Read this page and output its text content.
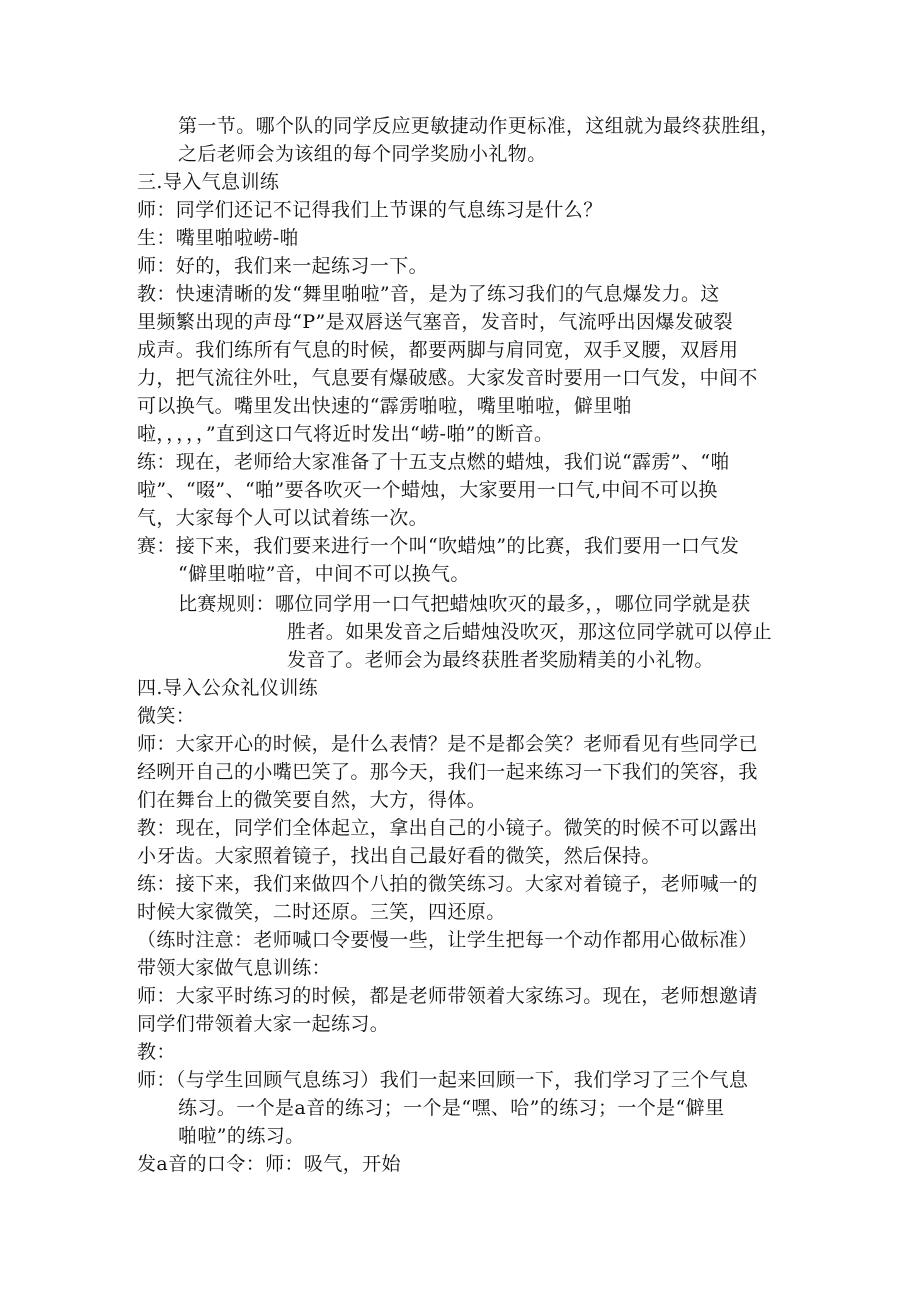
第一节。哪个队的同学反应更敏捷动作更标准，这组就为最终获胜组，
之后老师会为该组的每个同学奖励小礼物。
三.导入气息训练
师：同学们还记不记得我们上节课的气息练习是什么？
生：嘴里啪啦崂-啪
师：好的，我们来一起练习一下。
教：快速清晰的发“舞里啪啦”音，是为了练习我们的气息爆发力。这
里频繁出现的声母“P”是双唇送气塞音，发音时，气流呼出因爆发破裂
成声。我们练所有气息的时候，都要两脚与肩同宽，双手叉腰，双唇用
力，把气流往外吐，气息要有爆破感。大家发音时要用一口气发，中间不
可以换气。嘴里发出快速的“霹雳啪啦，嘴里啪啦，僻里啪
啦，，，，，”直到这口气将近时发出“崂-啪”的断音。
练：现在，老师给大家准备了十五支点燃的蜡烛，我们说“霹雳”、“啪
啦”、“啜”、“啪”要各吹灭一个蜡烛，大家要用一口气,中间不可以换
气，大家每个人可以试着练一次。
赛：接下来，我们要来进行一个叫“吹蜡烛”的比赛，我们要用一口气发
“僻里啪啦”音，中间不可以换气。
比赛规则：哪位同学用一口气把蜡烛吹灭的最多，，哪位同学就是获
胜者。如果发音之后蜡烛没吹灭，那这位同学就可以停止
发音了。老师会为最终获胜者奖励精美的小礼物。
四.导入公众礼仪训练
微笑：
师：大家开心的时候，是什么表情？是不是都会笑？老师看见有些同学已
经咧开自己的小嘴巴笑了。那今天，我们一起来练习一下我们的笑容，我
们在舞台上的微笑要自然，大方，得体。
教：现在，同学们全体起立，拿出自己的小镜子。微笑的时候不可以露出
小牙齿。大家照着镜子，找出自己最好看的微笑，然后保持。
练：接下来，我们来做四个八拍的微笑练习。大家对着镜子，老师喊一的
时候大家微笑，二时还原。三笑，四还原。
（练时注意：老师喊口令要慢一些，让学生把每一个动作都用心做标准）
带领大家做气息训练：
师：大家平时练习的时候，都是老师带领着大家练习。现在，老师想邀请
同学们带领着大家一起练习。
教：
师：（与学生回顾气息练习）我们一起来回顾一下，我们学习了三个气息
练习。一个是a音的练习；一个是“嘿、哈”的练习；一个是“僻里
啪啦”的练习。
发a音的口令：师：吸气，开始
